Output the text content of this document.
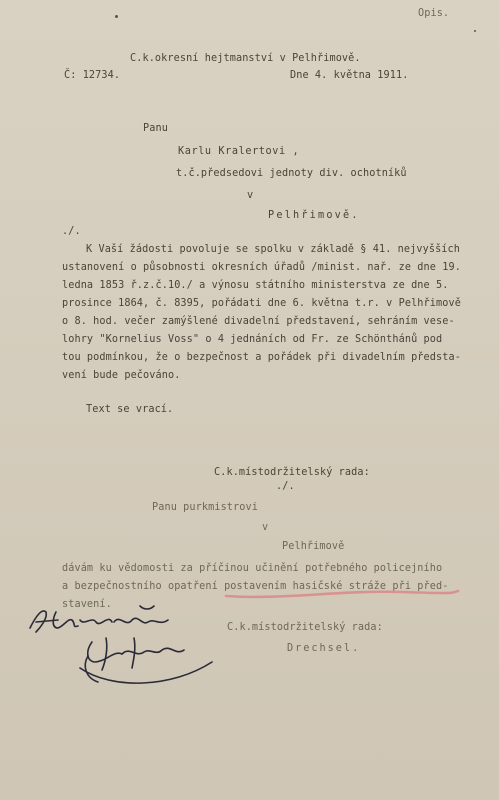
Opis.
C.k.okresní hejtmanství v Pelhřimově.
Č: 12734.	Dne 4. května 1911.
Panu
Karlu Kralertovi ,
t.č.předsedovi jednoty div. ochotníků
v
Pelhřimově.
./.
K Vaší žádosti povoluje se spolku v základě § 41. nejvyšších
ustanovení o působnosti okresních úřadů /minist. nař. ze dne 19.
ledna 1853 ř.z.č.10./ a výnosu státního ministerstva ze dne 5.
prosince 1864, č. 8395, pořádati dne 6. května t.r. v Pelhřimově
o 8. hod. večer zamýšlené divadelní představení, sehráním vese-
lohry "Kornelius Voss" o 4 jednáních od Fr. ze Schönthánů pod
tou podmínkou, že o bezpečnost a pořádek při divadelním předsta-
vení bude pečováno.
Text se vrací.
C.k.místodržitelský rada:
./.
Panu purkmistrovi
v
Pelhřimově
dávám ku vědomosti za příčinou učinění potřebného policejního
a bezpečnostního opatření postavením hasičské stráže při před-
stavení.
C.k.místodržitelský rada:
Drechsel.
